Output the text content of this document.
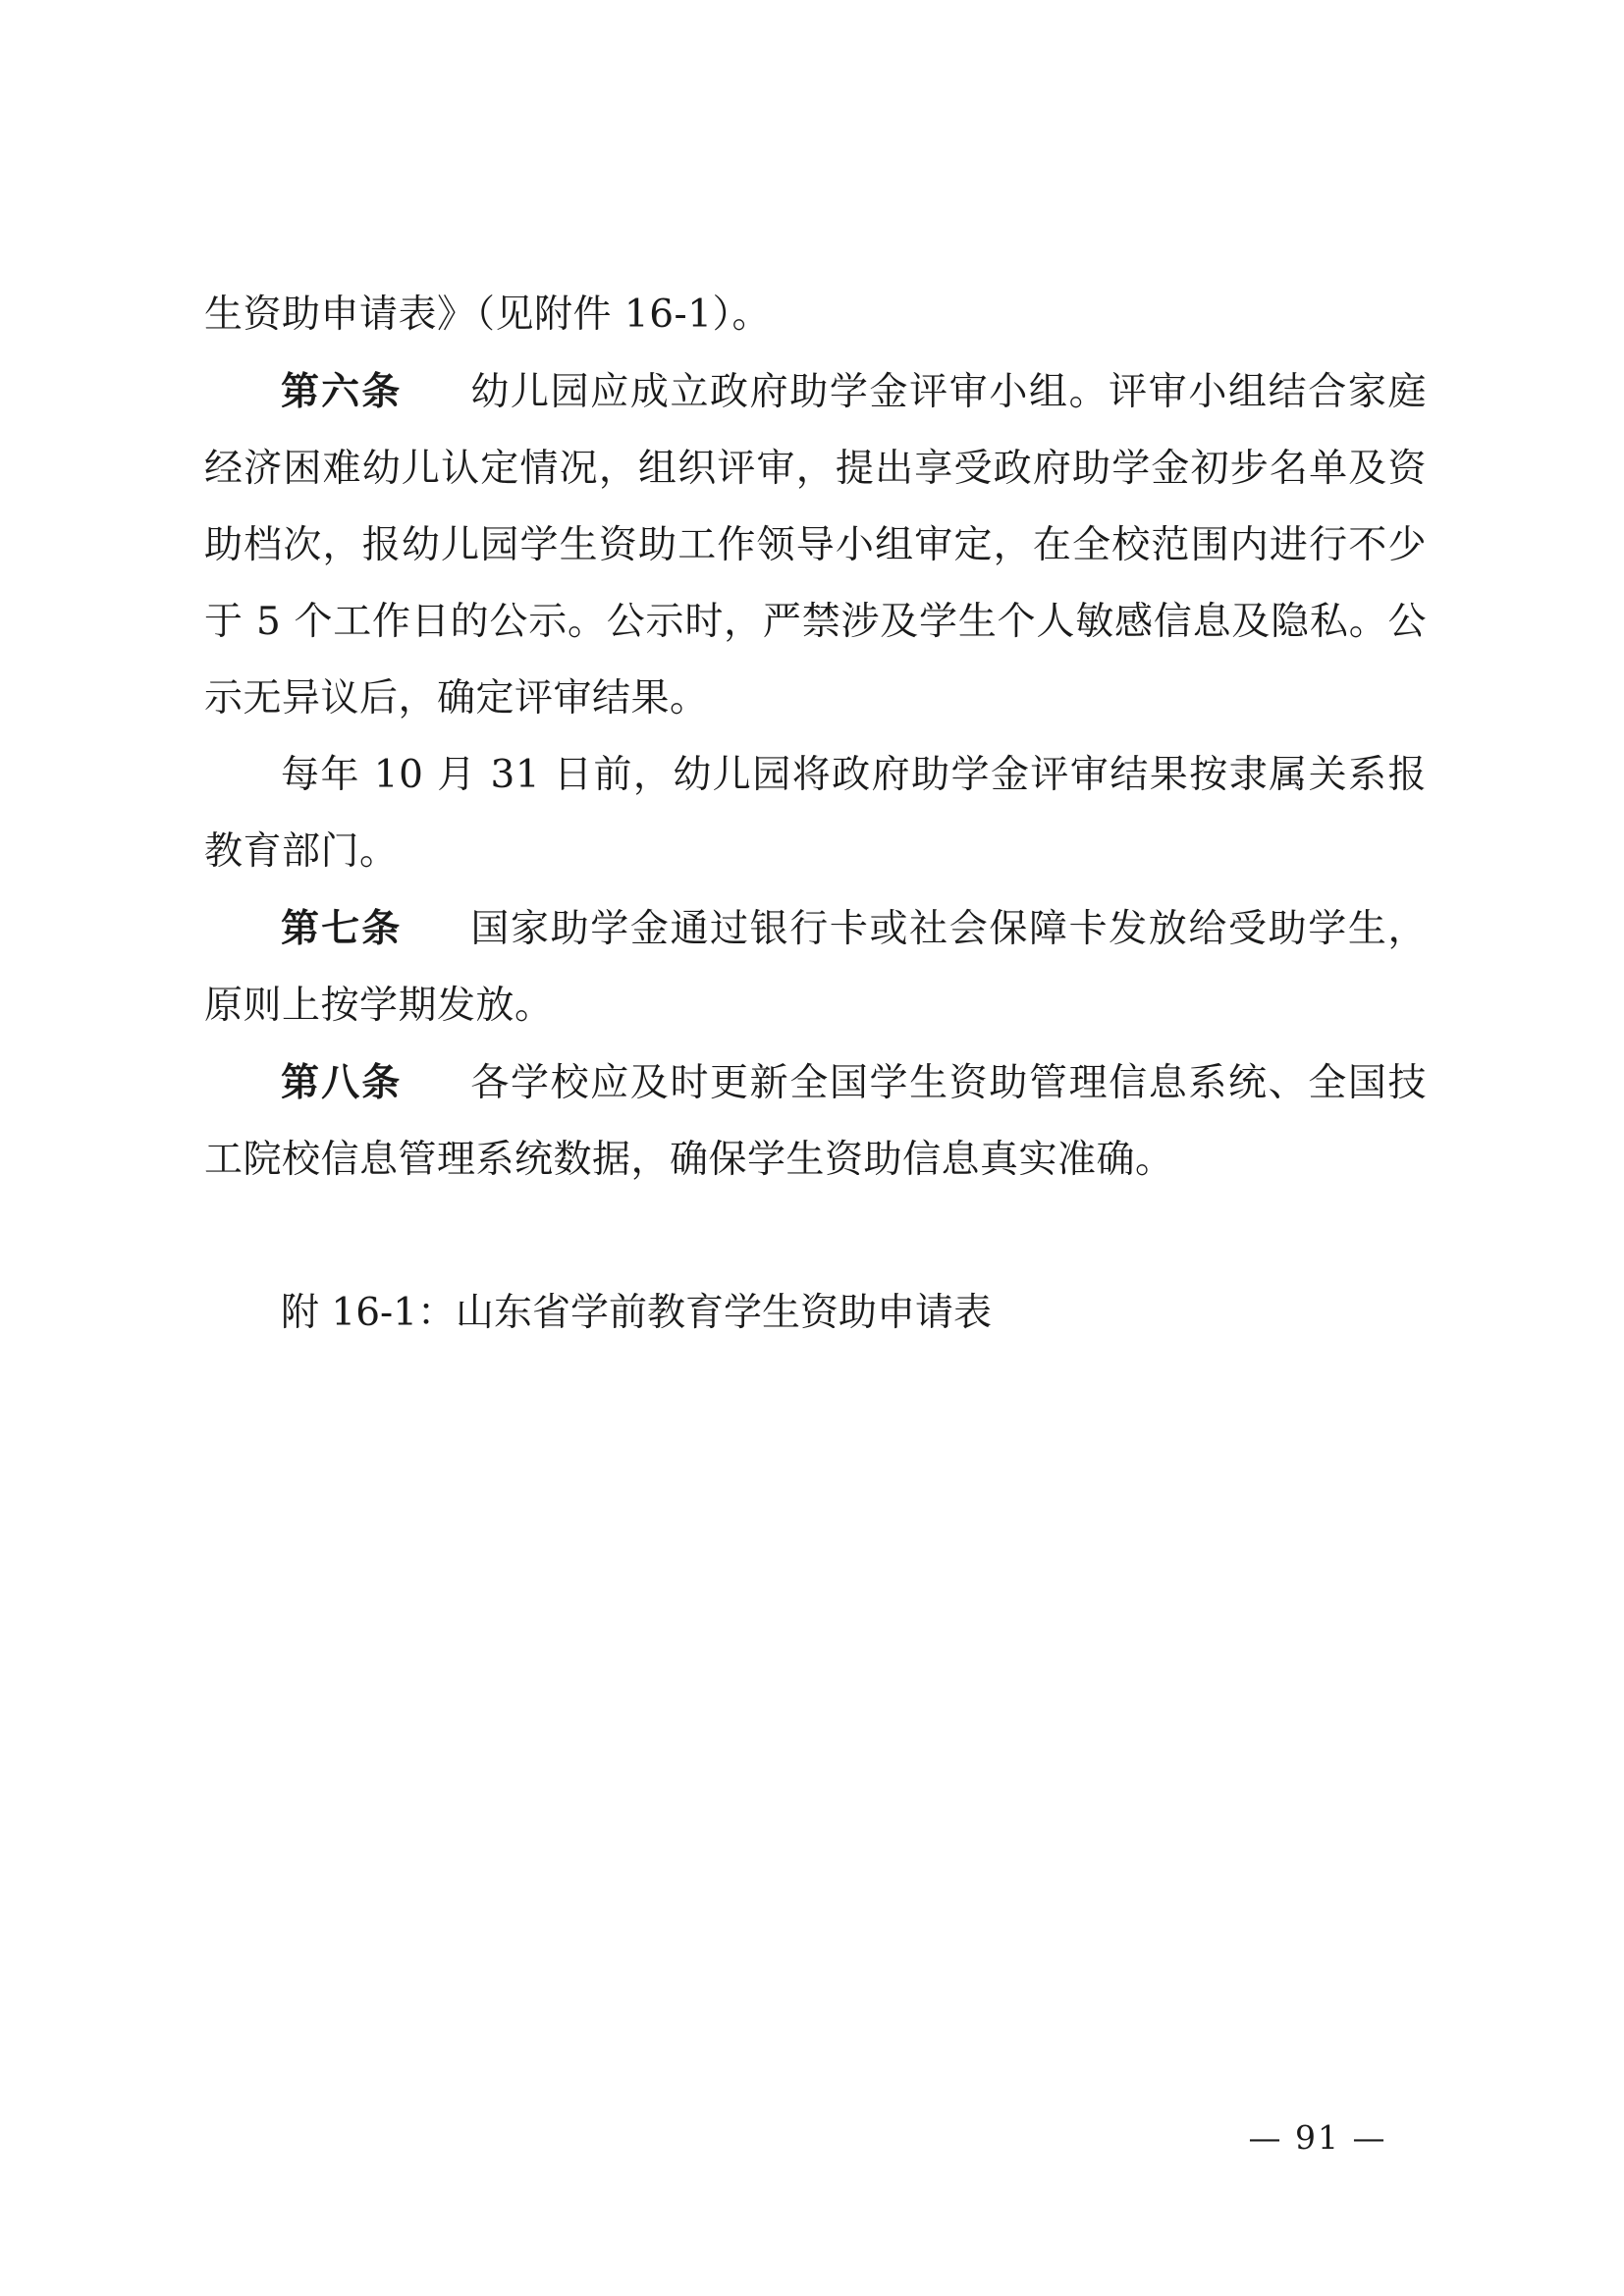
生资助申请表》（见附件 16-1）。

第六条 幼儿园应成立政府助学金评审小组。评审小组结合家庭经济困难幼儿认定情况，组织评审，提出享受政府助学金初步名单及资助档次，报幼儿园学生资助工作领导小组审定，在全校范围内进行不少于 5 个工作日的公示。公示时，严禁涉及学生个人敏感信息及隐私。公示无异议后，确定评审结果。

每年 10 月 31 日前，幼儿园将政府助学金评审结果按隶属关系报教育部门。

第七条 国家助学金通过银行卡或社会保障卡发放给受助学生，原则上按学期发放。

第八条 各学校应及时更新全国学生资助管理信息系统、全国技工院校信息管理系统数据，确保学生资助信息真实准确。

附 16-1：山东省学前教育学生资助申请表

— 91 —
